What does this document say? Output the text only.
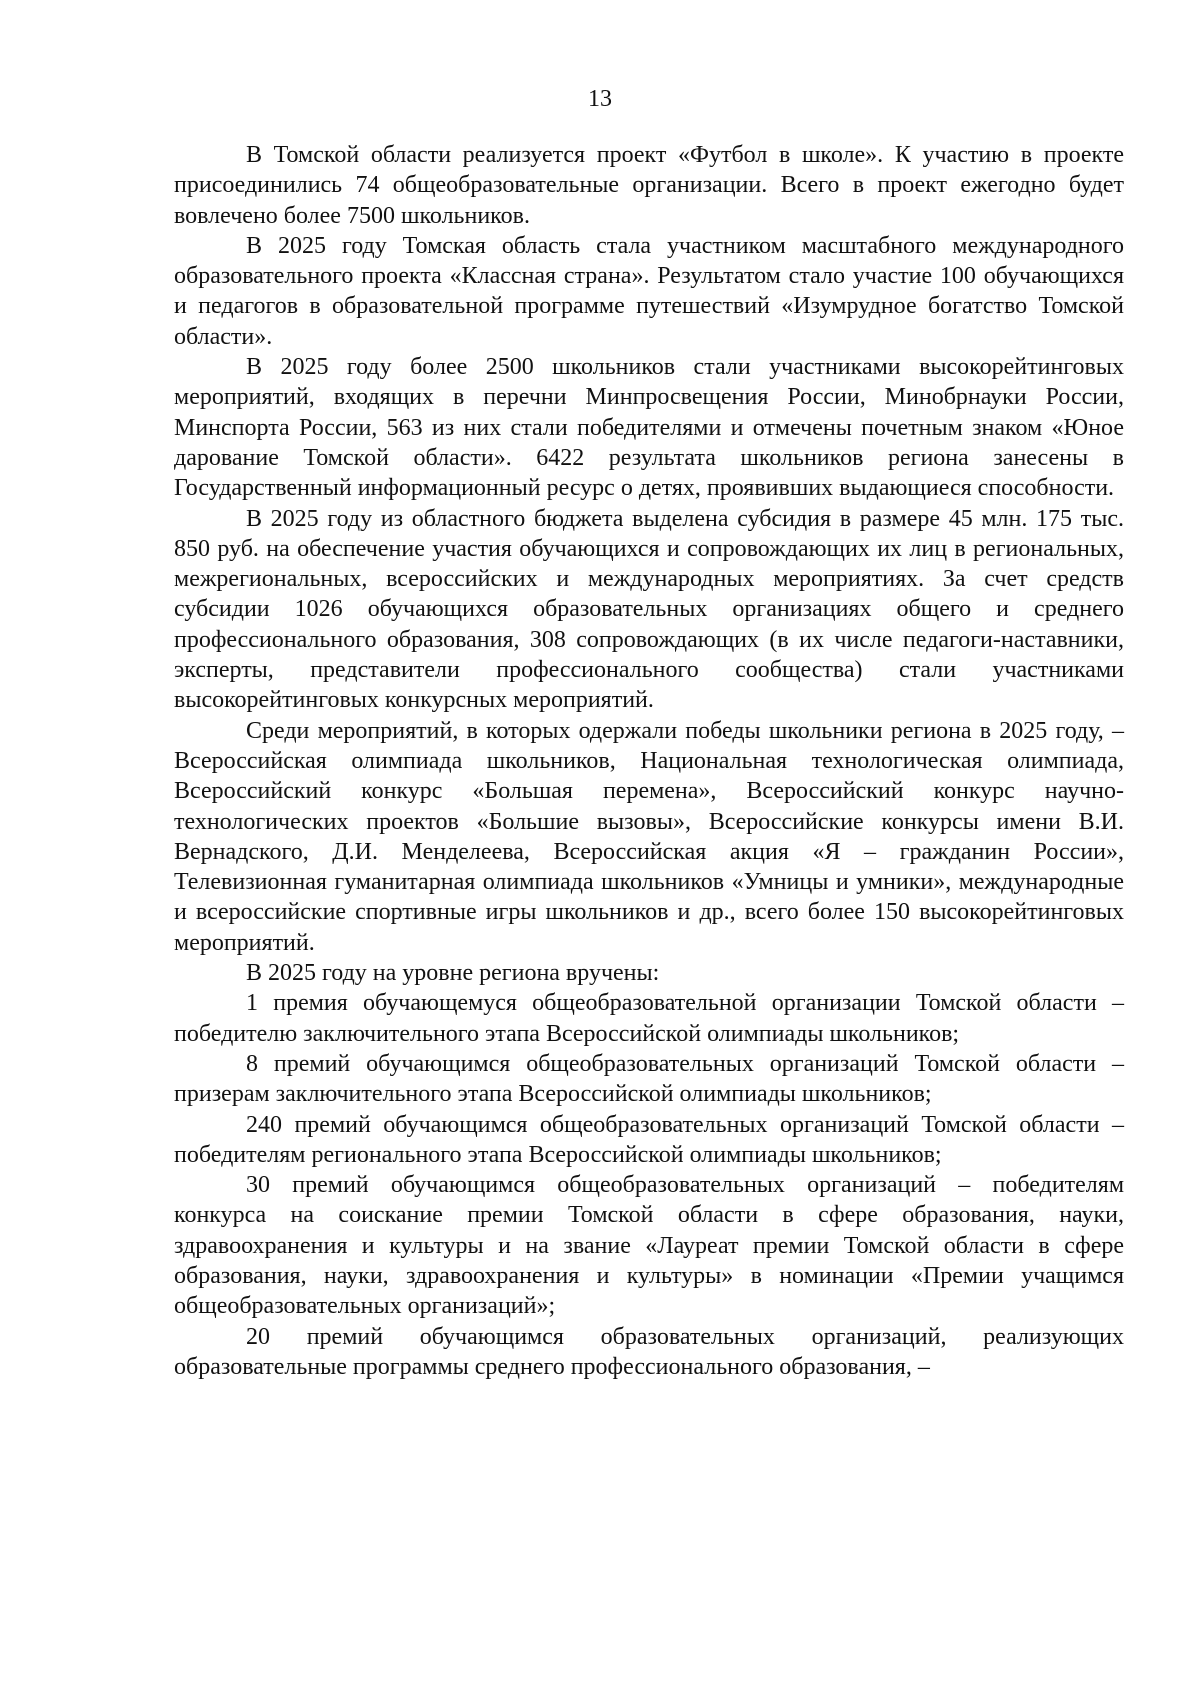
13

В Томской области реализуется проект «Футбол в школе». К участию в проекте присоединились 74 общеобразовательные организации. Всего в проект ежегодно будет вовлечено более 7500 школьников.

В 2025 году Томская область стала участником масштабного международного образовательного проекта «Классная страна». Результатом стало участие 100 обучающихся и педагогов в образовательной программе путешествий «Изумрудное богатство Томской области».

В 2025 году более 2500 школьников стали участниками высокорейтинговых мероприятий, входящих в перечни Минпросвещения России, Минобрнауки России, Минспорта России, 563 из них стали победителями и отмечены почетным знаком «Юное дарование Томской области». 6422 результата школьников региона занесены в Государственный информационный ресурс о детях, проявивших выдающиеся способности.

В 2025 году из областного бюджета выделена субсидия в размере 45 млн. 175 тыс. 850 руб. на обеспечение участия обучающихся и сопровождающих их лиц в региональных, межрегиональных, всероссийских и международных мероприятиях. За счет средств субсидии 1026 обучающихся образовательных организациях общего и среднего профессионального образования, 308 сопровождающих (в их числе педагоги-наставники, эксперты, представители профессионального сообщества) стали участниками высокорейтинговых конкурсных мероприятий.

Среди мероприятий, в которых одержали победы школьники региона в 2025 году, – Всероссийская олимпиада школьников, Национальная технологическая олимпиада, Всероссийский конкурс «Большая перемена», Всероссийский конкурс научно-технологических проектов «Большие вызовы», Всероссийские конкурсы имени В.И. Вернадского, Д.И. Менделеева, Всероссийская акция «Я – гражданин России», Телевизионная гуманитарная олимпиада школьников «Умницы и умники», международные и всероссийские спортивные игры школьников и др., всего более 150 высокорейтинговых мероприятий.

В 2025 году на уровне региона вручены:

1 премия обучающемуся общеобразовательной организации Томской области – победителю заключительного этапа Всероссийской олимпиады школьников;

8 премий обучающимся общеобразовательных организаций Томской области – призерам заключительного этапа Всероссийской олимпиады школьников;

240 премий обучающимся общеобразовательных организаций Томской области – победителям регионального этапа Всероссийской олимпиады школьников;

30 премий обучающимся общеобразовательных организаций – победителям конкурса на соискание премии Томской области в сфере образования, науки, здравоохранения и культуры и на звание «Лауреат премии Томской области в сфере образования, науки, здравоохранения и культуры» в номинации «Премии учащимся общеобразовательных организаций»;

20 премий обучающимся образовательных организаций, реализующих образовательные программы среднего профессионального образования, –
